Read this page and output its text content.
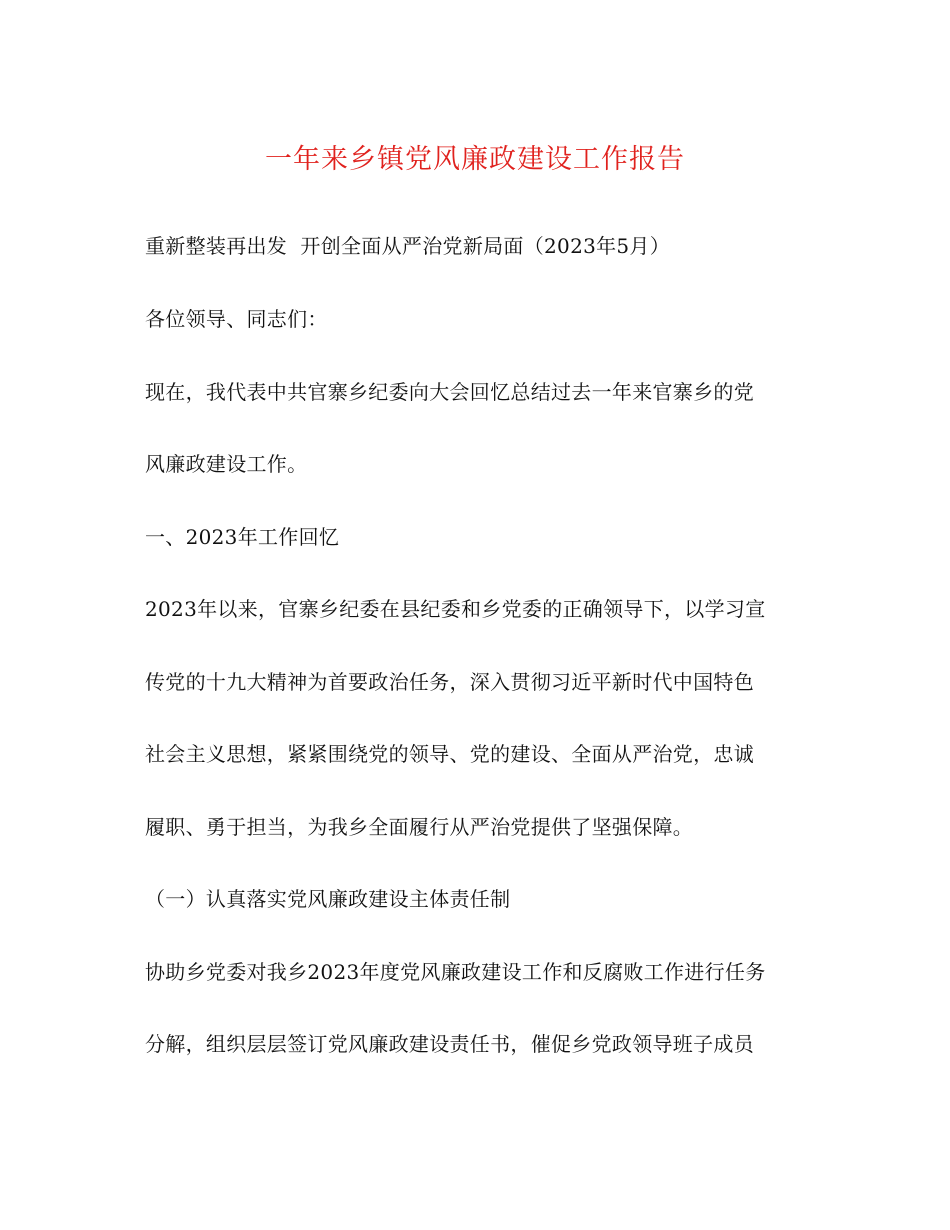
一年来乡镇党风廉政建设工作报告

重新整装再出发  开创全面从严治党新局面（2023年5月）

各位领导、同志们：

现在，我代表中共官寨乡纪委向大会回忆总结过去一年来官寨乡的党

风廉政建设工作。

一、2023年工作回忆

2023年以来，官寨乡纪委在县纪委和乡党委的正确领导下，以学习宣

传党的十九大精神为首要政治任务，深入贯彻习近平新时代中国特色

社会主义思想，紧紧围绕党的领导、党的建设、全面从严治党，忠诚

履职、勇于担当，为我乡全面履行从严治党提供了坚强保障。

（一）认真落实党风廉政建设主体责任制

协助乡党委对我乡2023年度党风廉政建设工作和反腐败工作进行任务

分解，组织层层签订党风廉政建设责任书，催促乡党政领导班子成员
